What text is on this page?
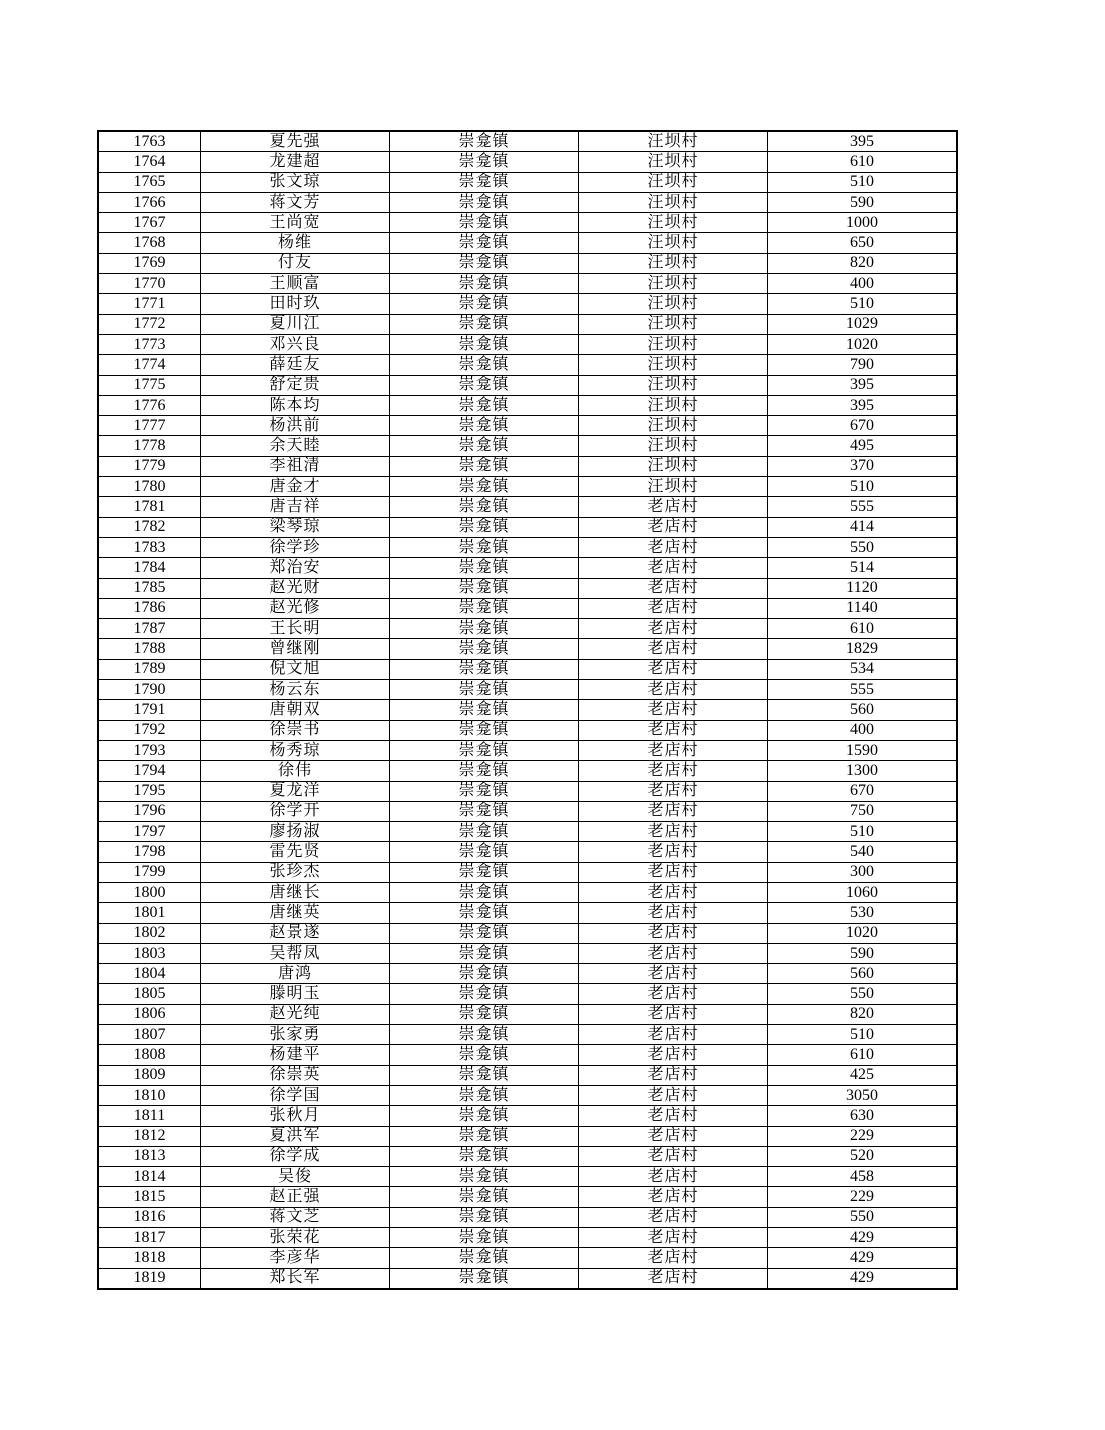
1763	夏先强	崇龛镇	汪坝村	395
1764	龙建超	崇龛镇	汪坝村	610
1765	张文琼	崇龛镇	汪坝村	510
1766	蒋文芳	崇龛镇	汪坝村	590
1767	王尚宽	崇龛镇	汪坝村	1000
1768	杨维	崇龛镇	汪坝村	650
1769	付友	崇龛镇	汪坝村	820
1770	王顺富	崇龛镇	汪坝村	400
1771	田时玖	崇龛镇	汪坝村	510
1772	夏川江	崇龛镇	汪坝村	1029
1773	邓兴良	崇龛镇	汪坝村	1020
1774	薛廷友	崇龛镇	汪坝村	790
1775	舒定贵	崇龛镇	汪坝村	395
1776	陈本均	崇龛镇	汪坝村	395
1777	杨洪前	崇龛镇	汪坝村	670
1778	余天睦	崇龛镇	汪坝村	495
1779	李祖清	崇龛镇	汪坝村	370
1780	唐金才	崇龛镇	汪坝村	510
1781	唐吉祥	崇龛镇	老店村	555
1782	梁琴琼	崇龛镇	老店村	414
1783	徐学珍	崇龛镇	老店村	550
1784	郑治安	崇龛镇	老店村	514
1785	赵光财	崇龛镇	老店村	1120
1786	赵光修	崇龛镇	老店村	1140
1787	王长明	崇龛镇	老店村	610
1788	曾继刚	崇龛镇	老店村	1829
1789	倪文旭	崇龛镇	老店村	534
1790	杨云东	崇龛镇	老店村	555
1791	唐朝双	崇龛镇	老店村	560
1792	徐崇书	崇龛镇	老店村	400
1793	杨秀琼	崇龛镇	老店村	1590
1794	徐伟	崇龛镇	老店村	1300
1795	夏龙洋	崇龛镇	老店村	670
1796	徐学开	崇龛镇	老店村	750
1797	廖扬淑	崇龛镇	老店村	510
1798	雷先贤	崇龛镇	老店村	540
1799	张珍杰	崇龛镇	老店村	300
1800	唐继长	崇龛镇	老店村	1060
1801	唐继英	崇龛镇	老店村	530
1802	赵景遂	崇龛镇	老店村	1020
1803	吴帮凤	崇龛镇	老店村	590
1804	唐鸿	崇龛镇	老店村	560
1805	滕明玉	崇龛镇	老店村	550
1806	赵光纯	崇龛镇	老店村	820
1807	张家勇	崇龛镇	老店村	510
1808	杨建平	崇龛镇	老店村	610
1809	徐崇英	崇龛镇	老店村	425
1810	徐学国	崇龛镇	老店村	3050
1811	张秋月	崇龛镇	老店村	630
1812	夏洪军	崇龛镇	老店村	229
1813	徐学成	崇龛镇	老店村	520
1814	吴俊	崇龛镇	老店村	458
1815	赵正强	崇龛镇	老店村	229
1816	蒋文芝	崇龛镇	老店村	550
1817	张荣花	崇龛镇	老店村	429
1818	李彦华	崇龛镇	老店村	429
1819	郑长军	崇龛镇	老店村	429
